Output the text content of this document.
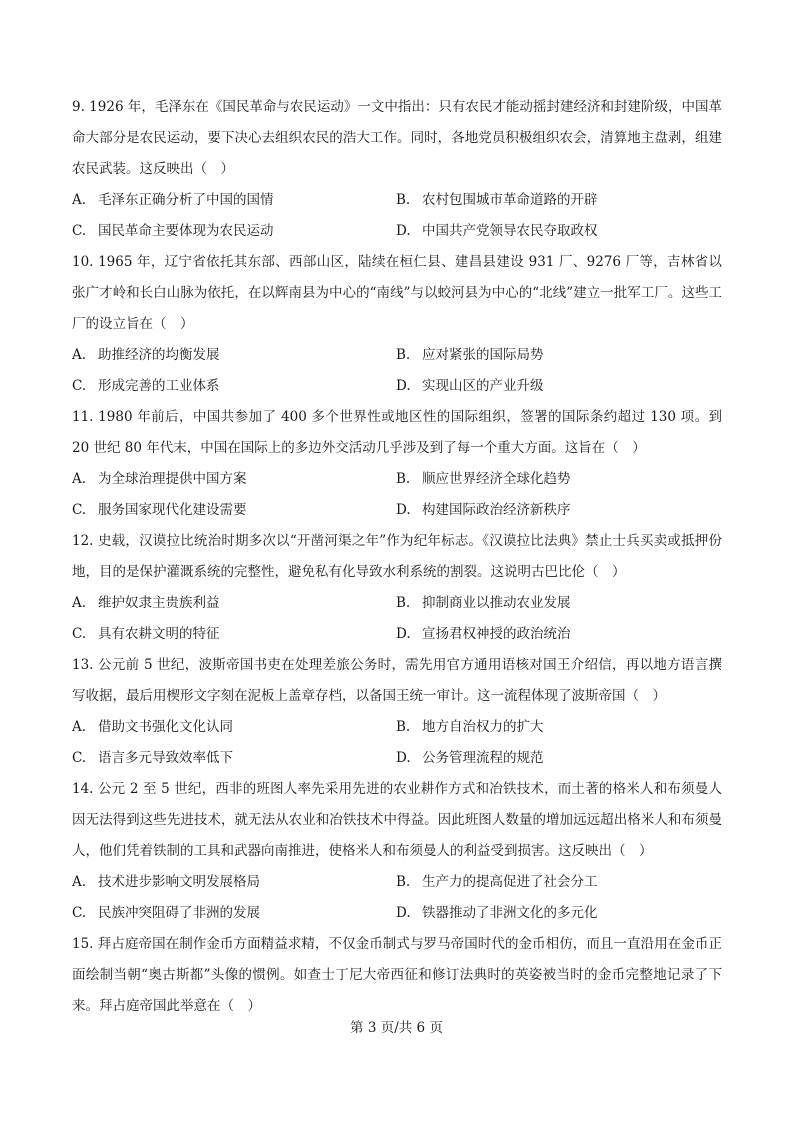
9. 1926 年，毛泽东在《国民革命与农民运动》一文中指出：只有农民才能动摇封建经济和封建阶级，中国革命大部分是农民运动，要下决心去组织农民的浩大工作。同时，各地党员积极组织农会，清算地主盘剥，组建农民武装。这反映出（　）

A. 毛泽东正确分析了中国的国情	B. 农村包围城市革命道路的开辟
C. 国民革命主要体现为农民运动	D. 中国共产党领导农民夺取政权

10. 1965 年，辽宁省依托其东部、西部山区，陆续在桓仁县、建昌县建设 931 厂、9276 厂等，吉林省以张广才岭和长白山脉为依托，在以辉南县为中心的“南线”与以蛟河县为中心的“北线”建立一批军工厂。这些工厂的设立旨在（　）

A. 助推经济的均衡发展	B. 应对紧张的国际局势
C. 形成完善的工业体系	D. 实现山区的产业升级

11. 1980 年前后，中国共参加了 400 多个世界性或地区性的国际组织，签署的国际条约超过 130 项。到 20 世纪 80 年代末，中国在国际上的多边外交活动几乎涉及到了每一个重大方面。这旨在（　）

A. 为全球治理提供中国方案	B. 顺应世界经济全球化趋势
C. 服务国家现代化建设需要	D. 构建国际政治经济新秩序

12. 史载，汉谟拉比统治时期多次以“开凿河渠之年”作为纪年标志。《汉谟拉比法典》禁止士兵买卖或抵押份地，目的是保护灌溉系统的完整性，避免私有化导致水利系统的割裂。这说明古巴比伦（　）

A. 维护奴隶主贵族利益	B. 抑制商业以推动农业发展
C. 具有农耕文明的特征	D. 宣扬君权神授的政治统治

13. 公元前 5 世纪，波斯帝国书吏在处理差旅公务时，需先用官方通用语核对国王介绍信，再以地方语言撰写收据，最后用楔形文字刻在泥板上盖章存档，以备国王统一审计。这一流程体现了波斯帝国（　）

A. 借助文书强化文化认同	B. 地方自治权力的扩大
C. 语言多元导致效率低下	D. 公务管理流程的规范

14. 公元 2 至 5 世纪，西非的班图人率先采用先进的农业耕作方式和冶铁技术，而土著的格米人和布须曼人因无法得到这些先进技术，就无法从农业和冶铁技术中得益。因此班图人数量的增加远远超出格米人和布须曼人，他们凭着铁制的工具和武器向南推进，使格米人和布须曼人的利益受到损害。这反映出（　）

A. 技术进步影响文明发展格局	B. 生产力的提高促进了社会分工
C. 民族冲突阻碍了非洲的发展	D. 铁器推动了非洲文化的多元化

15. 拜占庭帝国在制作金币方面精益求精，不仅金币制式与罗马帝国时代的金币相仿，而且一直沿用在金币正面绘制当朝“奥古斯都”头像的惯例。如查士丁尼大帝西征和修订法典时的英姿被当时的金币完整地记录了下来。拜占庭帝国此举意在（　）

第 3 页/共 6 页
